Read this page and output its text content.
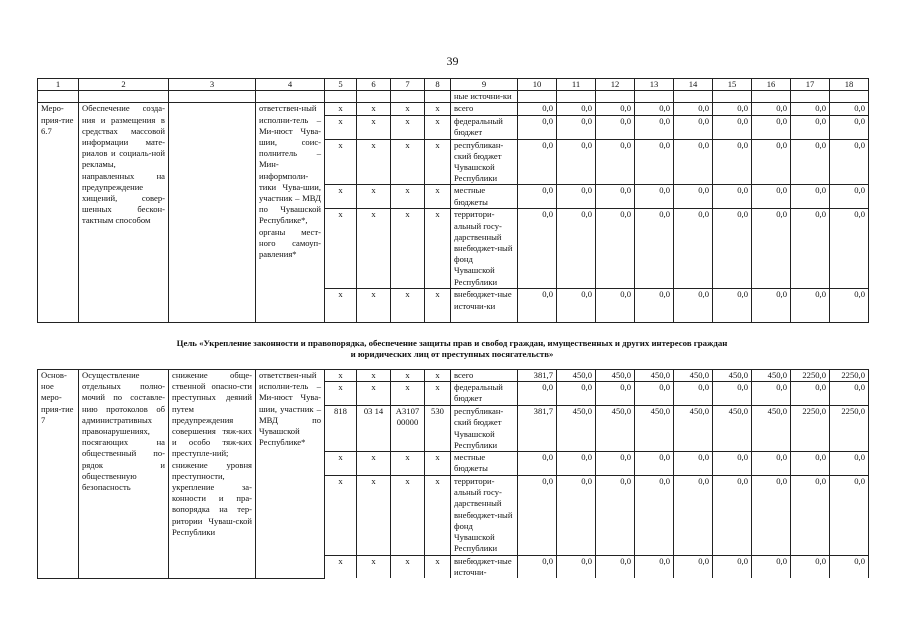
39
1	2	3	4	5	6	7	8	9	10	11	12	13	14	15	16	17	18
								ные источни-ки									
Меро-прия-тие 6.7	Обеспечение созда-ния и размещения в средствах массовой информации мате-риалов и социаль-ной рекламы, направленных на предупреждение хищений, совер-шенных бескон-тактным способом		ответствен-ный исполни-тель – Ми-нюст Чува-шии, соис-полнитель – Мин-информполи-тики Чува-шии, участник – МВД по Чувашской Республике*, органы мест-ного самоуп-равления*	x	x	x	x	всего	0,0	0,0	0,0	0,0	0,0	0,0	0,0	0,0	0,0
				x	x	x	x	федеральный бюджет	0,0	0,0	0,0	0,0	0,0	0,0	0,0	0,0	0,0
				x	x	x	x	республикан-ский бюджет Чувашской Республики	0,0	0,0	0,0	0,0	0,0	0,0	0,0	0,0	0,0
				x	x	x	x	местные бюджеты	0,0	0,0	0,0	0,0	0,0	0,0	0,0	0,0	0,0
				x	x	x	x	территори-альный госу-дарственный внебюджет-ный фонд Чувашской Республики	0,0	0,0	0,0	0,0	0,0	0,0	0,0	0,0	0,0
				x	x	x	x	внебюджет-ные источни-ки	0,0	0,0	0,0	0,0	0,0	0,0	0,0	0,0	0,0
Цель «Укрепление законности и правопорядка, обеспечение защиты прав и свобод граждан, имущественных и других интересов граждан
и юридических лиц от преступных посягательств»
Основ-ное меро-прия-тие 7	Осуществление отдельных полно-мочий по составле-нию протоколов об административных правонарушениях, посягающих на общественный по-рядок и общественную безопасность	снижение обще-ственной опасно-сти преступных деяний путем предупреждения совершения тяж-ких и особо тяж-ких преступле-ний; снижение уровня преступности, укрепление за-конности и пра-вопорядка на тер-ритории Чуваш-ской Республики	ответствен-ный исполни-тель – Ми-нюст Чува-шии, участник – МВД по Чувашской Республике*	x	x	x	x	всего	381,7	450,0	450,0	450,0	450,0	450,0	450,0	2250,0	2250,0
				x	x	x	x	федеральный бюджет	0,0	0,0	0,0	0,0	0,0	0,0	0,0	0,0	0,0
				818	03 14	А3107 00000	530	республикан-ский бюджет Чувашской Республики	381,7	450,0	450,0	450,0	450,0	450,0	450,0	2250,0	2250,0
				x	x	x	x	местные бюджеты	0,0	0,0	0,0	0,0	0,0	0,0	0,0	0,0	0,0
				x	x	x	x	территори-альный госу-дарственный внебюджет-ный фонд Чувашской Республики	0,0	0,0	0,0	0,0	0,0	0,0	0,0	0,0	0,0
				x	x	x	x	внебюджет-ные источни-	0,0	0,0	0,0	0,0	0,0	0,0	0,0	0,0	0,0
